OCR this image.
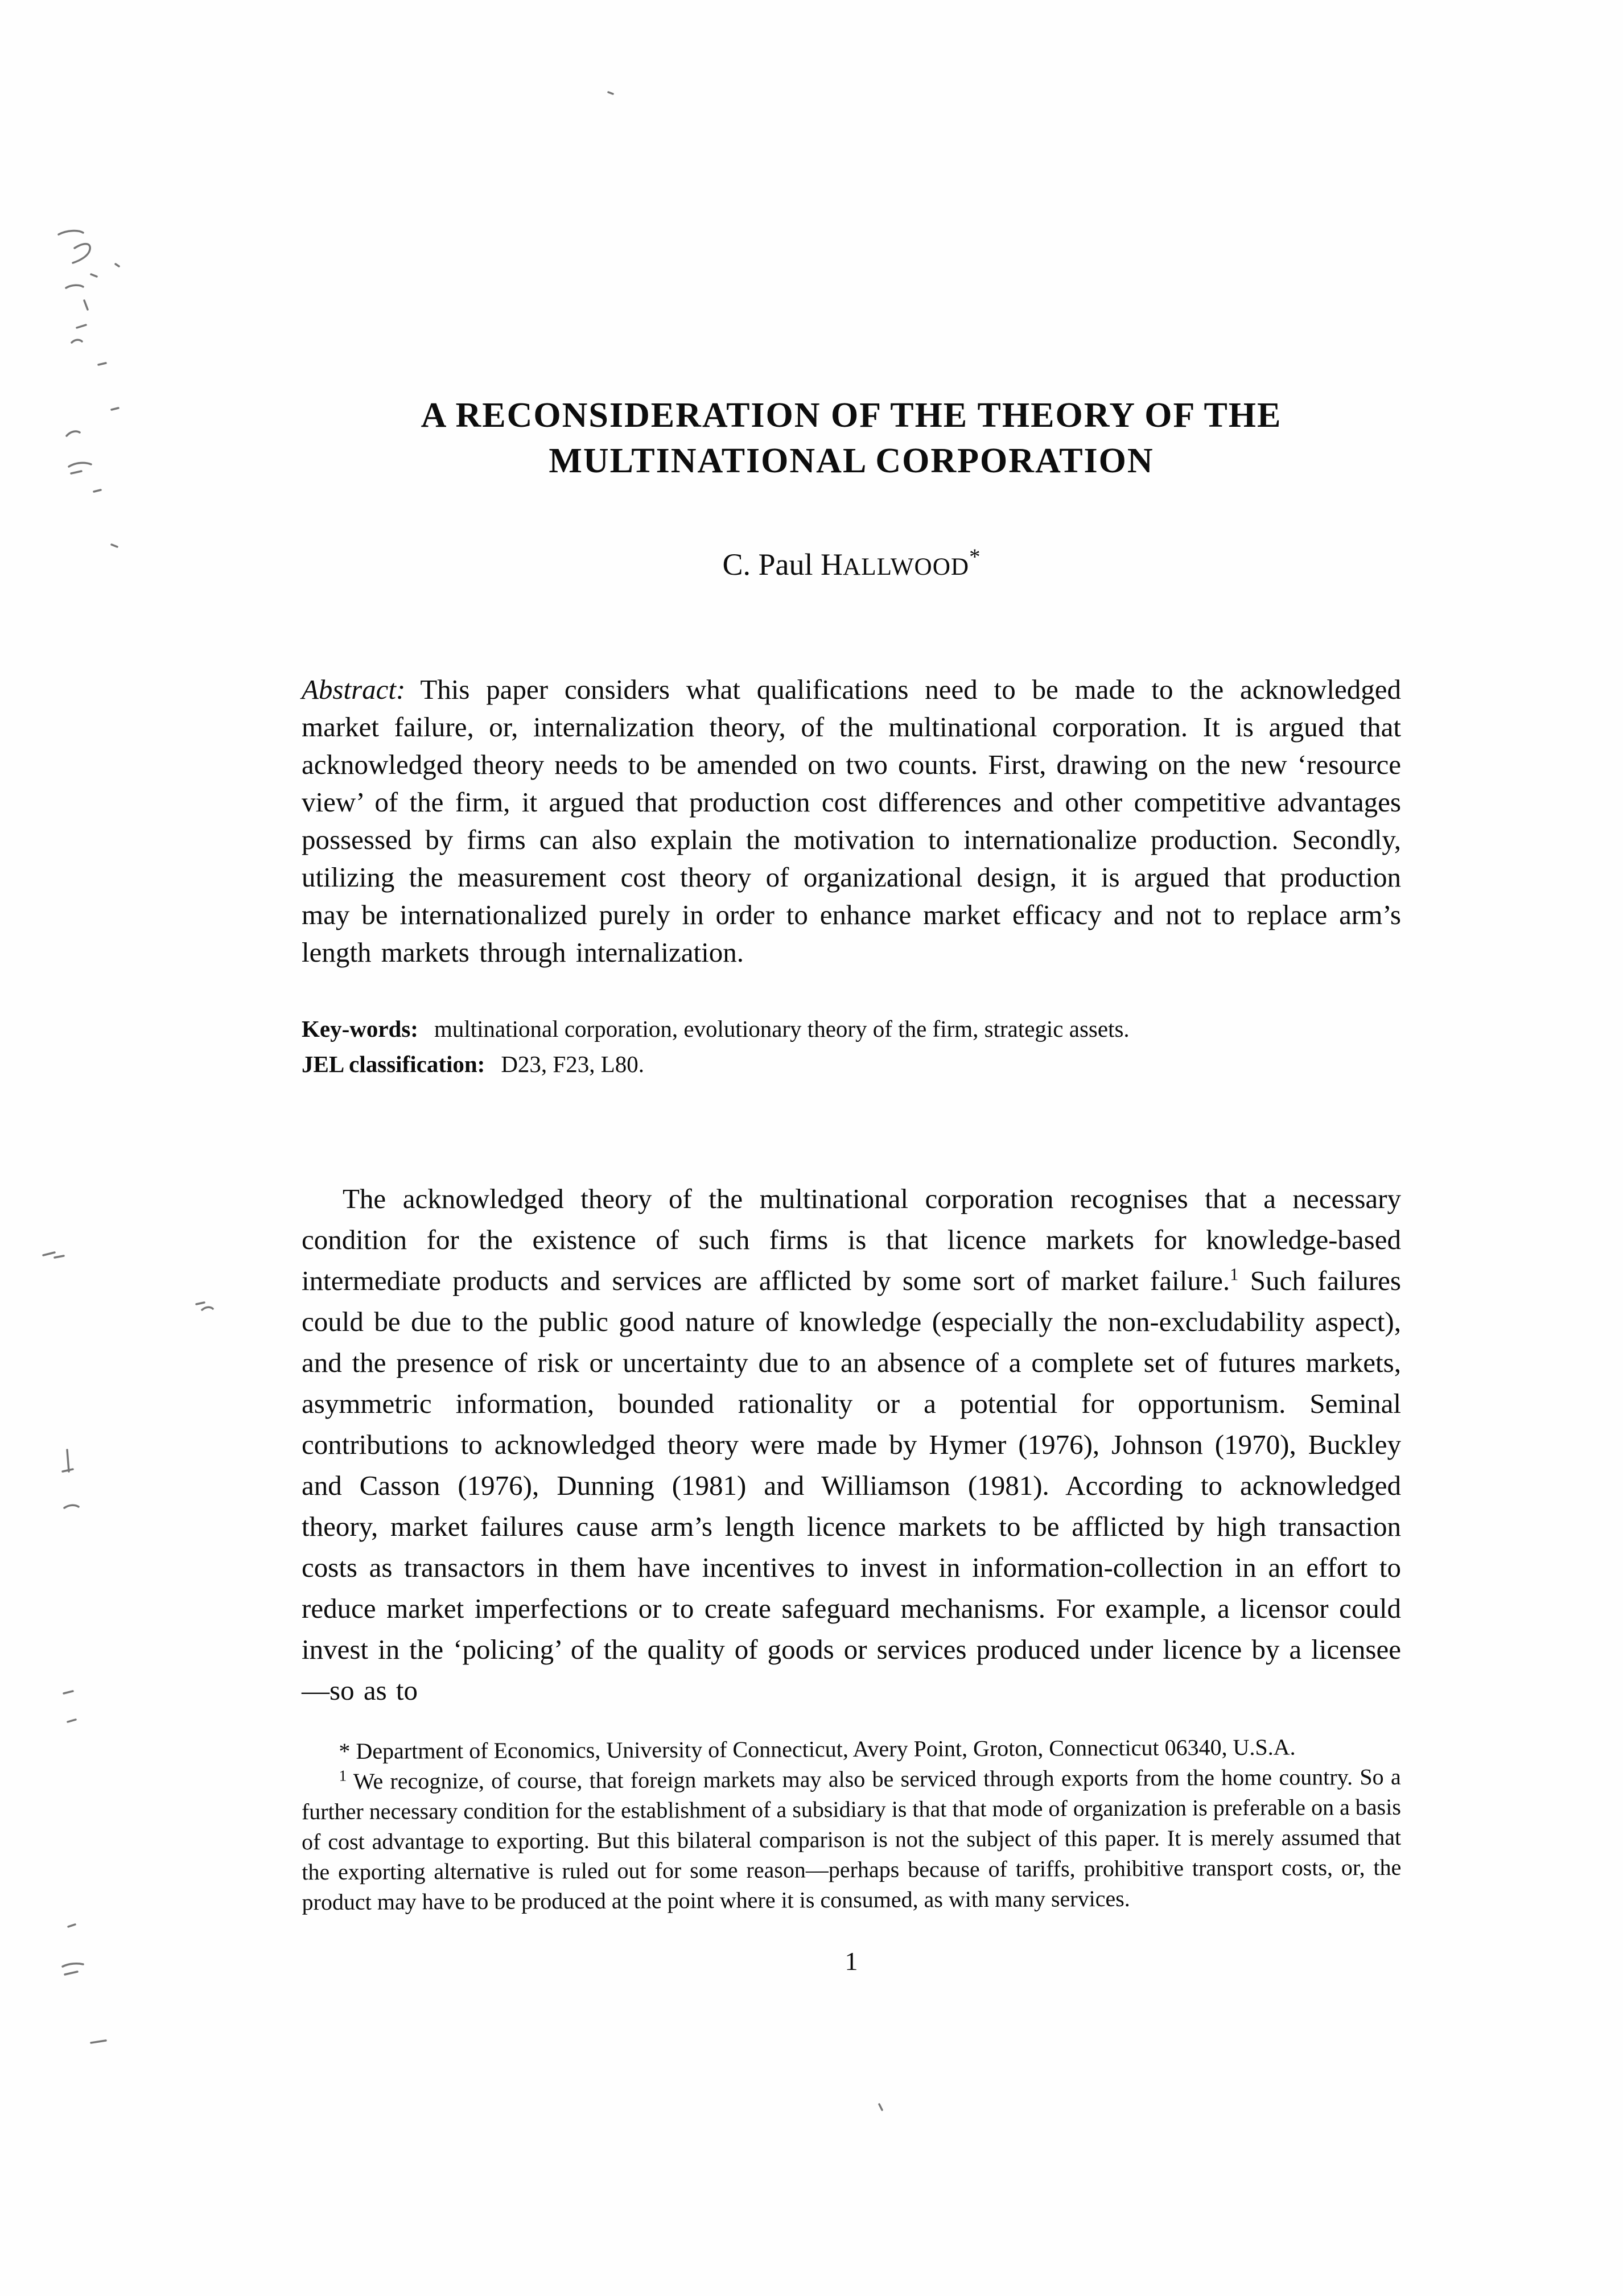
A RECONSIDERATION OF THE THEORY OF THE
MULTINATIONAL CORPORATION
C. Paul HALLWOOD*

Abstract: This paper considers what qualifications need to be made to the acknowledged market failure, or, internalization theory, of the multinational corporation. It is argued that acknowledged theory needs to be amended on two counts. First, drawing on the new ‘resource view’ of the firm, it argued that production cost differences and other competitive advantages possessed by firms can also explain the motivation to internationalize production. Secondly, utilizing the measurement cost theory of organizational design, it is argued that production may be internationalized purely in order to enhance market efficacy and not to replace arm’s length markets through internalization.

Key-words: multinational corporation, evolutionary theory of the firm, strategic assets.
JEL classification: D23, F23, L80.

The acknowledged theory of the multinational corporation recognises that a necessary condition for the existence of such firms is that licence markets for knowledge-based intermediate products and services are afflicted by some sort of market failure.$^1$ Such failures could be due to the public good nature of knowledge (especially the non-excludability aspect), and the presence of risk or uncertainty due to an absence of a complete set of futures markets, asymmetric information, bounded rationality or a potential for opportunism. Seminal contributions to acknowledged theory were made by Hymer (1976), Johnson (1970), Buckley and Casson (1976), Dunning (1981) and Williamson (1981). According to acknowledged theory, market failures cause arm’s length licence markets to be afflicted by high transaction costs as transactors in them have incentives to invest in information-collection in an effort to reduce market imperfections or to create safeguard mechanisms. For example, a licensor could invest in the ‘policing’ of the quality of goods or services produced under licence by a licensee—so as to

* Department of Economics, University of Connecticut, Avery Point, Groton, Connecticut 06340, U.S.A.

$^1$ We recognize, of course, that foreign markets may also be serviced through exports from the home country. So a further necessary condition for the establishment of a subsidiary is that that mode of organization is preferable on a basis of cost advantage to exporting. But this bilateral comparison is not the subject of this paper. It is merely assumed that the exporting alternative is ruled out for some reason—perhaps because of tariffs, prohibitive transport costs, or, the product may have to be produced at the point where it is consumed, as with many services.

1
